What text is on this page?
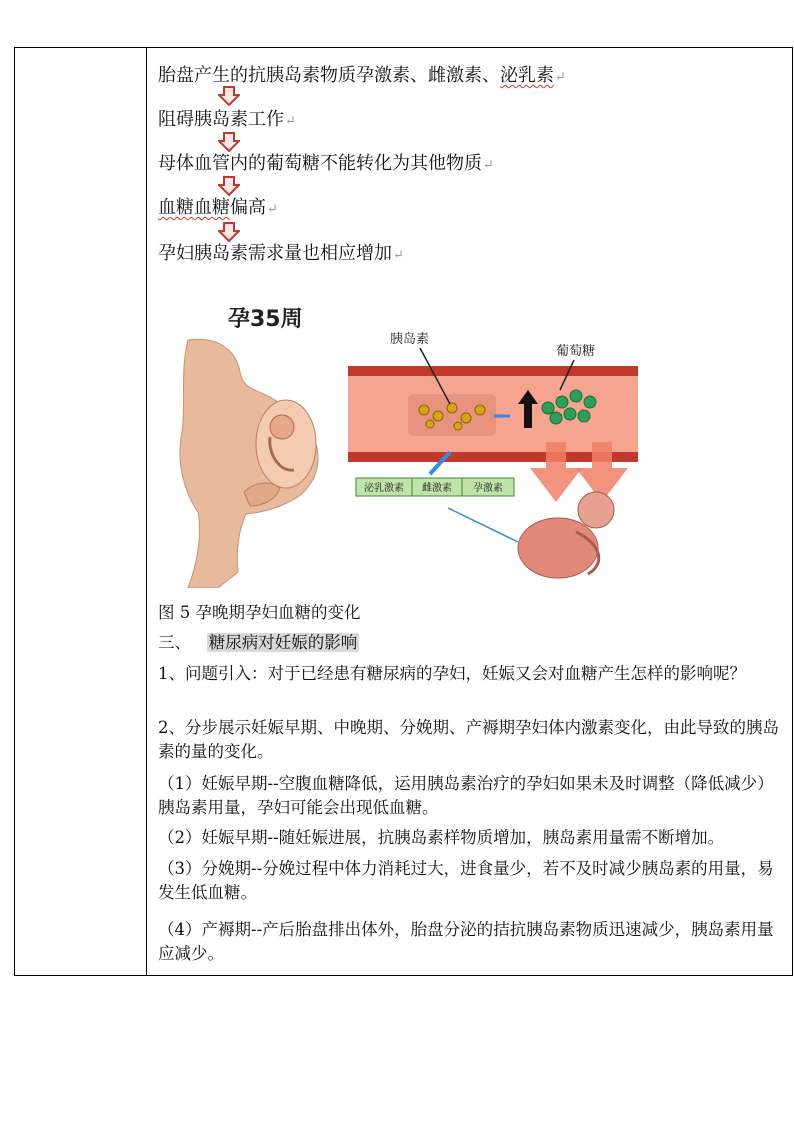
胎盘产生的抗胰岛素物质孕激素、雌激素、泌乳素↵
阻碍胰岛素工作↵
母体血管内的葡萄糖不能转化为其他物质↵
血糖血糖偏高↵
孕妇胰岛素需求量也相应增加↵
孕35周
胰岛素
葡萄糖
泌乳激素 雌激素 孕激素
图 5 孕晚期孕妇血糖的变化
三、 糖尿病对妊娠的影响
1、问题引入：对于已经患有糖尿病的孕妇，妊娠又会对血糖产生怎样的影响呢？
2、分步展示妊娠早期、中晚期、分娩期、产褥期孕妇体内激素变化，由此导致的胰岛素的量的变化。
（1）妊娠早期--空腹血糖降低，运用胰岛素治疗的孕妇如果未及时调整（降低减少）胰岛素用量，孕妇可能会出现低血糖。
（2）妊娠早期--随妊娠进展，抗胰岛素样物质增加，胰岛素用量需不断增加。
（3）分娩期--分娩过程中体力消耗过大，进食量少，若不及时减少胰岛素的用量，易发生低血糖。
（4）产褥期--产后胎盘排出体外，胎盘分泌的拮抗胰岛素物质迅速减少，胰岛素用量应减少。
